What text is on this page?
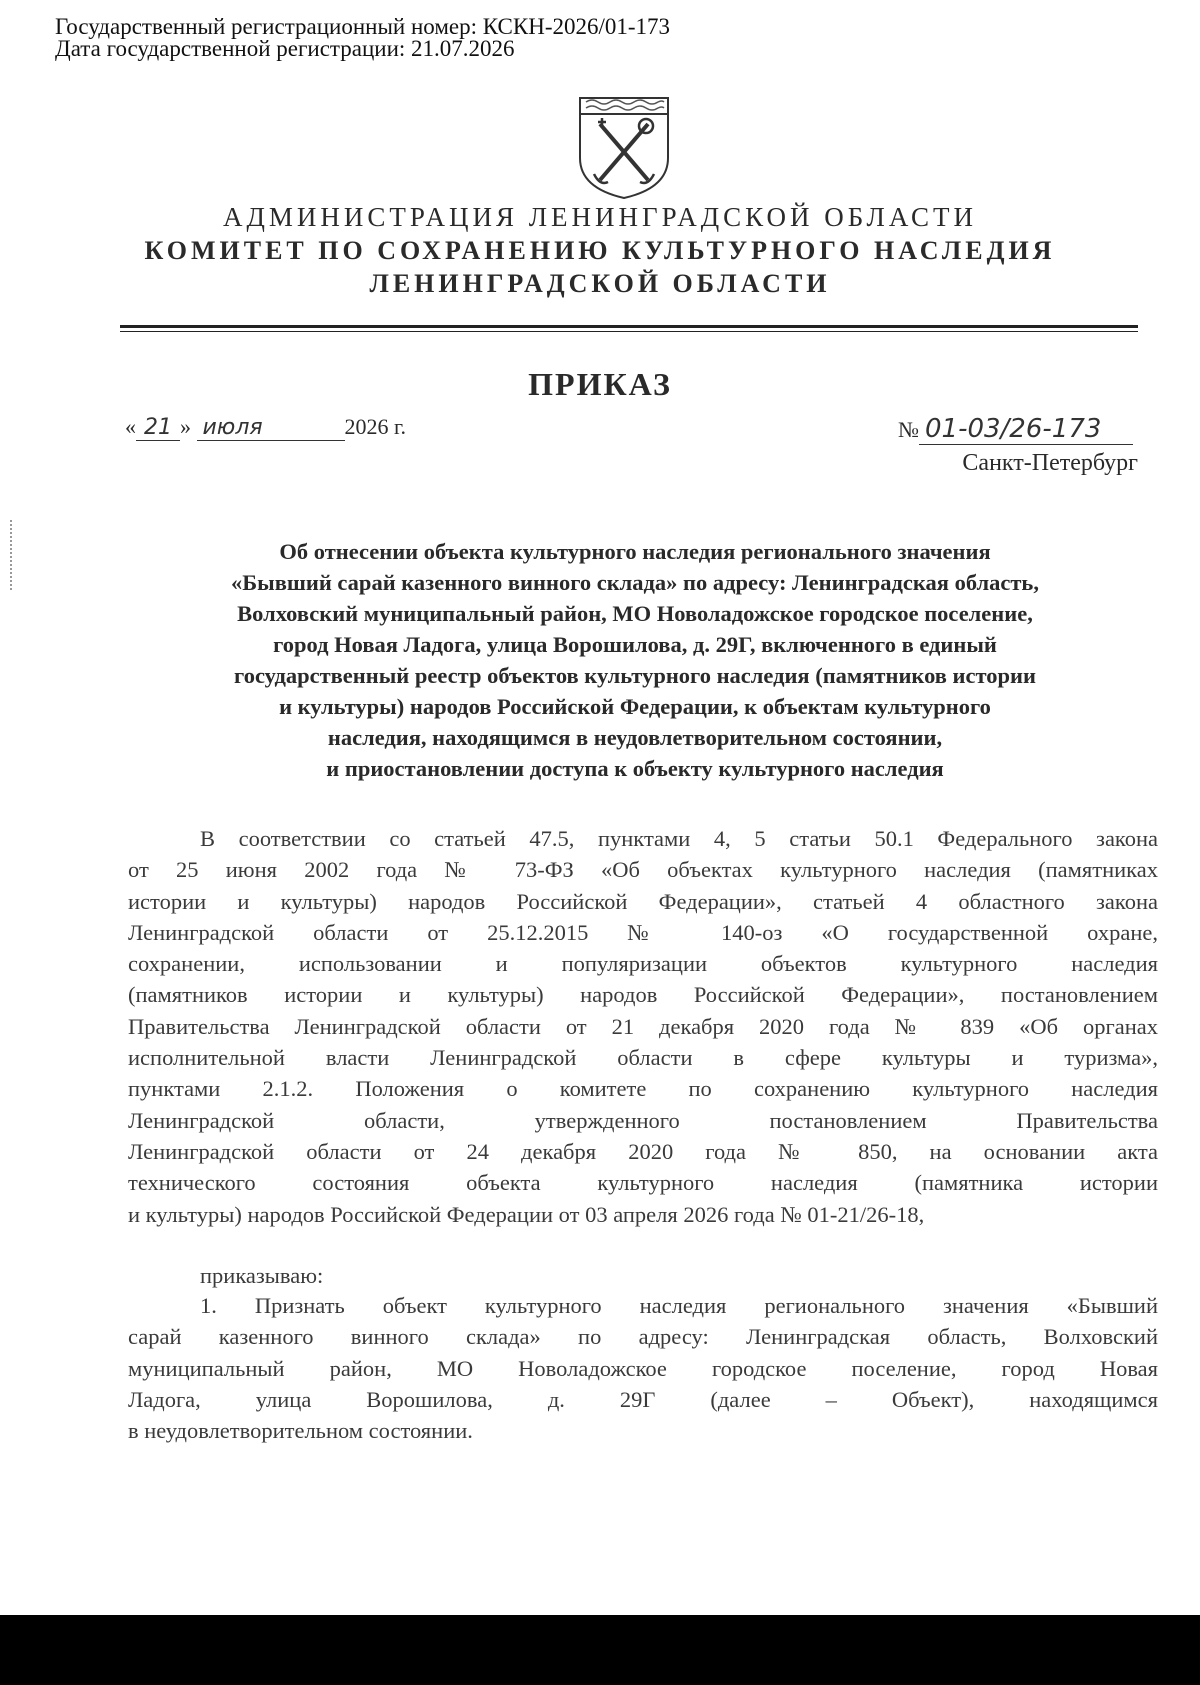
Государственный регистрационный номер: КСКН-2026/01-173
Дата государственной регистрации: 21.07.2026
АДМИНИСТРАЦИЯ ЛЕНИНГРАДСКОЙ ОБЛАСТИ
КОМИТЕТ ПО СОХРАНЕНИЮ КУЛЬТУРНОГО НАСЛЕДИЯ
ЛЕНИНГРАДСКОЙ ОБЛАСТИ
ПРИКАЗ
« 21 » июля	2026 г.	№ 01-03/26-173
Санкт-Петербург
Об отнесении объекта культурного наследия регионального значения
«Бывший сарай казенного винного склада» по адресу: Ленинградская область,
Волховский муниципальный район, МО Новоладожское городское поселение,
город Новая Ладога, улица Ворошилова, д. 29Г, включенного в единый
государственный реестр объектов культурного наследия (памятников истории
и культуры) народов Российской Федерации, к объектам культурного
наследия, находящимся в неудовлетворительном состоянии,
и приостановлении доступа к объекту культурного наследия
В соответствии со статьей 47.5, пунктами 4, 5 статьи 50.1 Федерального закона
от 25 июня 2002 года № 73-ФЗ «Об объектах культурного наследия (памятниках
истории и культуры) народов Российской Федерации», статьей 4 областного закона
Ленинградской области от 25.12.2015 № 140-оз «О государственной охране,
сохранении, использовании и популяризации объектов культурного наследия
(памятников истории и культуры) народов Российской Федерации», постановлением
Правительства Ленинградской области от 21 декабря 2020 года № 839 «Об органах
исполнительной власти Ленинградской области в сфере культуры и туризма»,
пунктами 2.1.2. Положения о комитете по сохранению культурного наследия
Ленинградской области, утвержденного постановлением Правительства
Ленинградской области от 24 декабря 2020 года № 850, на основании акта
технического состояния объекта культурного наследия (памятника истории
и культуры) народов Российской Федерации от 03 апреля 2026 года № 01-21/26-18,
приказываю:
1. Признать объект культурного наследия регионального значения «Бывший
сарай казенного винного склада» по адресу: Ленинградская область, Волховский
муниципальный район, МО Новоладожское городское поселение, город Новая
Ладога, улица Ворошилова, д. 29Г (далее – Объект), находящимся
в неудовлетворительном состоянии.
